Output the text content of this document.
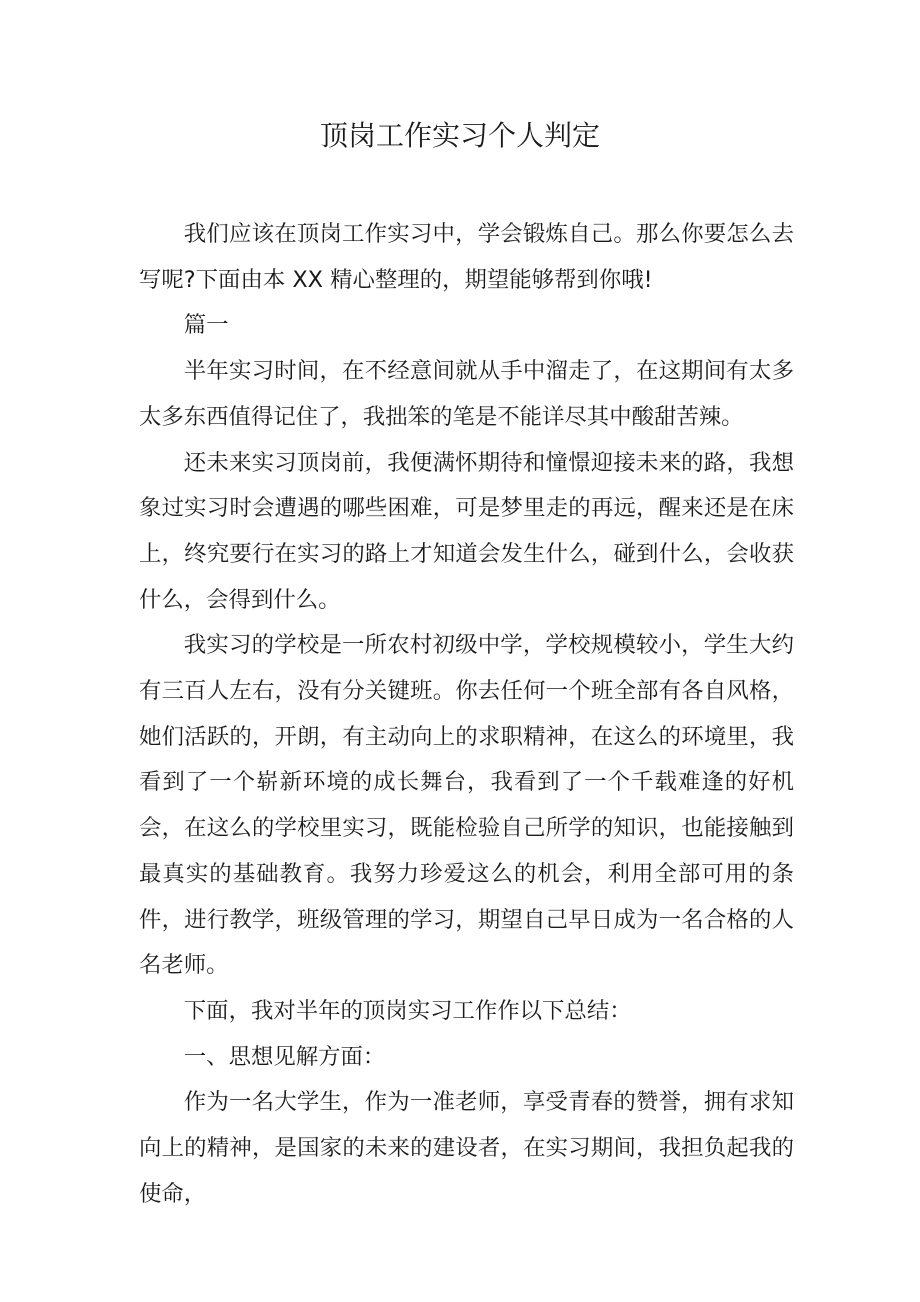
顶岗工作实习个人判定

我们应该在顶岗工作实习中，学会锻炼自己。那么你要怎么去写呢?下面由本 XX 精心整理的，期望能够帮到你哦!

篇一

半年实习时间，在不经意间就从手中溜走了，在这期间有太多太多东西值得记住了，我拙笨的笔是不能详尽其中酸甜苦辣。

还未来实习顶岗前，我便满怀期待和憧憬迎接未来的路，我想象过实习时会遭遇的哪些困难，可是梦里走的再远，醒来还是在床上，终究要行在实习的路上才知道会发生什么，碰到什么，会收获什么，会得到什么。

我实习的学校是一所农村初级中学，学校规模较小，学生大约有三百人左右，没有分关键班。你去任何一个班全部有各自风格，她们活跃的，开朗，有主动向上的求职精神，在这么的环境里，我看到了一个崭新环境的成长舞台，我看到了一个千载难逢的好机会，在这么的学校里实习，既能检验自己所学的知识，也能接触到最真实的基础教育。我努力珍爱这么的机会，利用全部可用的条件，进行教学，班级管理的学习，期望自己早日成为一名合格的人名老师。

下面，我对半年的顶岗实习工作作以下总结：

一、思想见解方面：

作为一名大学生，作为一准老师，享受青春的赞誉，拥有求知向上的精神，是国家的未来的建设者，在实习期间，我担负起我的使命，
